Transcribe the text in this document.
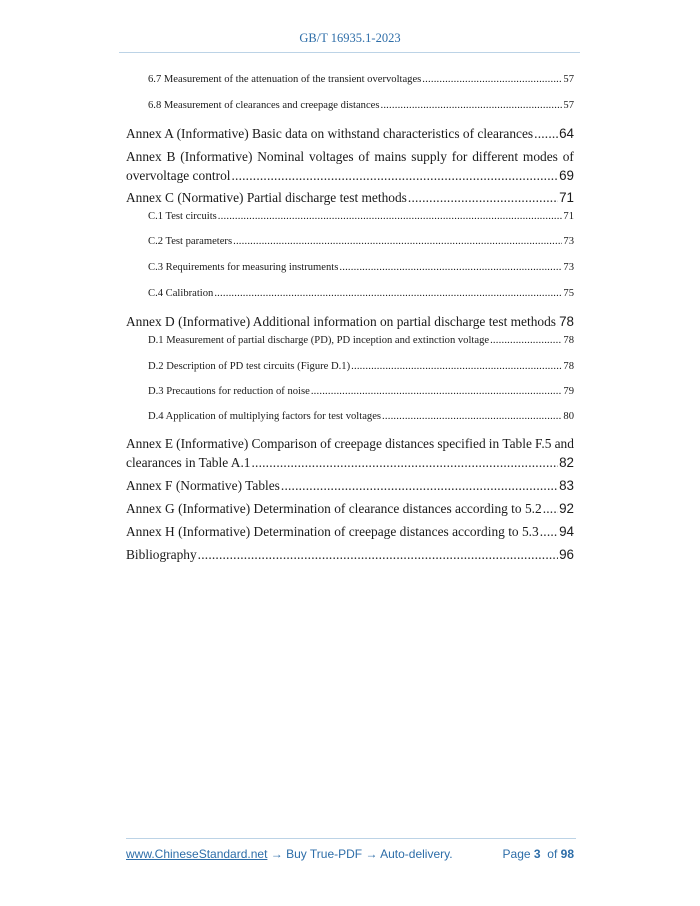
GB/T 16935.1-2023
6.7 Measurement of the attenuation of the transient overvoltages .....	57
6.8 Measurement of clearances and creepage distances .....	57
Annex A (Informative) Basic data on withstand characteristics of clearances ..... 64
Annex B (Informative) Nominal voltages of mains supply for different modes of
overvoltage control .....	69
Annex C (Normative) Partial discharge test methods .....	71
C.1 Test circuits .....	71
C.2 Test parameters .....	73
C.3 Requirements for measuring instruments .....	73
C.4 Calibration .....	75
Annex D (Informative) Additional information on partial discharge test methods ..... 78
D.1 Measurement of partial discharge (PD), PD inception and extinction voltage .....	78
D.2 Description of PD test circuits (Figure D.1) .....	78
D.3 Precautions for reduction of noise .....	79
D.4 Application of multiplying factors for test voltages .....	80
Annex E (Informative) Comparison of creepage distances specified in Table F.5 and
clearances in Table A.1 .....	82
Annex F (Normative) Tables .....	83
Annex G (Informative) Determination of clearance distances according to 5.2 ..... 92
Annex H (Informative) Determination of creepage distances according to 5.3 ..... 94
Bibliography .....	96
www.ChineseStandard.net → Buy True-PDF → Auto-delivery.	Page 3 of 98
